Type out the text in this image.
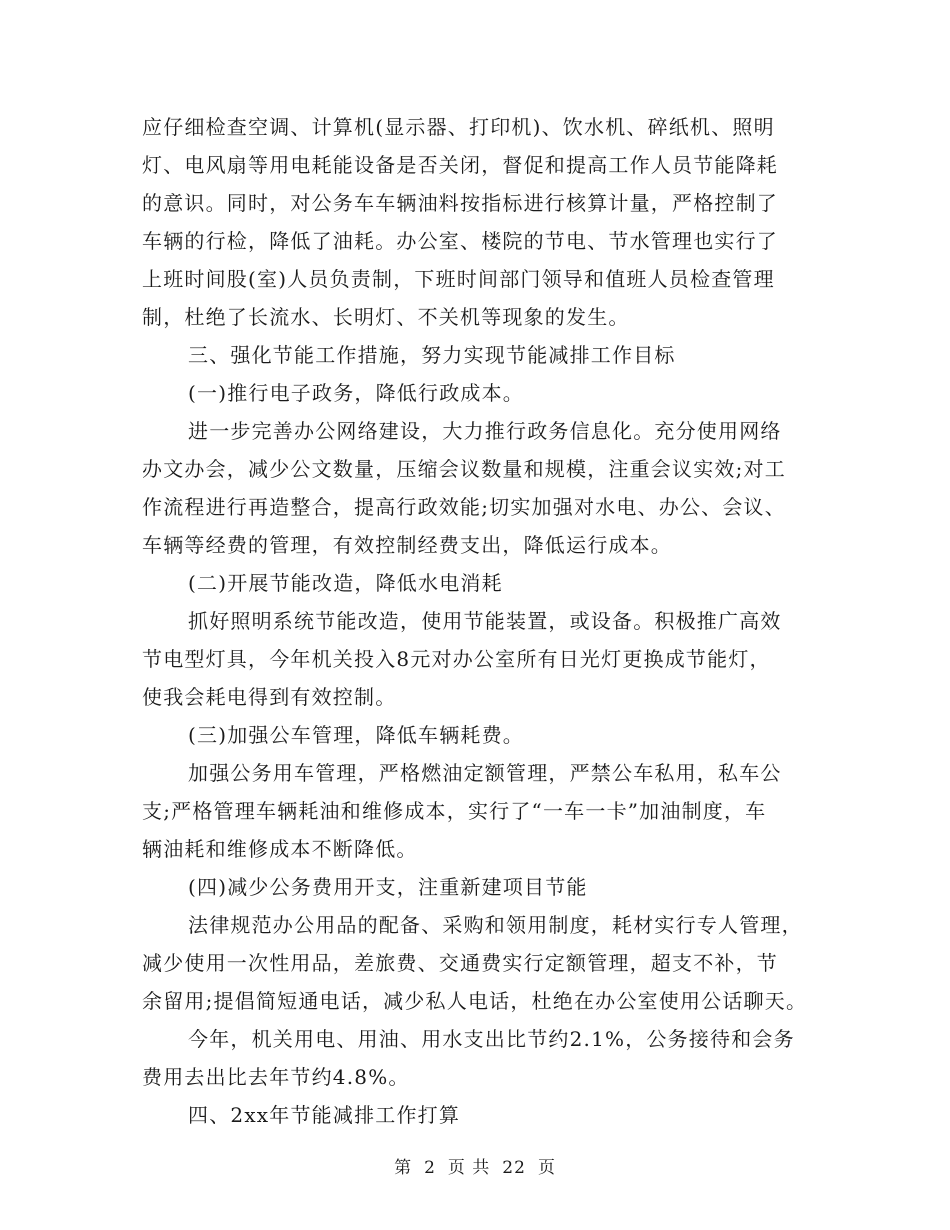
应仔细检查空调、计算机(显示器、打印机)、饮水机、碎纸机、照明
灯、电风扇等用电耗能设备是否关闭，督促和提高工作人员节能降耗
的意识。同时，对公务车车辆油料按指标进行核算计量，严格控制了
车辆的行检，降低了油耗。办公室、楼院的节电、节水管理也实行了
上班时间股(室)人员负责制，下班时间部门领导和值班人员检查管理
制，杜绝了长流水、长明灯、不关机等现象的发生。
三、强化节能工作措施，努力实现节能减排工作目标
(一)推行电子政务，降低行政成本。
进一步完善办公网络建设，大力推行政务信息化。充分使用网络
办文办会，减少公文数量，压缩会议数量和规模，注重会议实效;对工
作流程进行再造整合，提高行政效能;切实加强对水电、办公、会议、
车辆等经费的管理，有效控制经费支出，降低运行成本。
(二)开展节能改造，降低水电消耗
抓好照明系统节能改造，使用节能装置，或设备。积极推广高效
节电型灯具，今年机关投入8元对办公室所有日光灯更换成节能灯，
使我会耗电得到有效控制。
(三)加强公车管理，降低车辆耗费。
加强公务用车管理，严格燃油定额管理，严禁公车私用，私车公
支;严格管理车辆耗油和维修成本，实行了“一车一卡”加油制度，车
辆油耗和维修成本不断降低。
(四)减少公务费用开支，注重新建项目节能
法律规范办公用品的配备、采购和领用制度，耗材实行专人管理，
减少使用一次性用品，差旅费、交通费实行定额管理，超支不补，节
余留用;提倡简短通电话，减少私人电话，杜绝在办公室使用公话聊天。
今年，机关用电、用油、用水支出比节约2.1%，公务接待和会务
费用去出比去年节约4.8%。
四、2xx年节能减排工作打算
第 2 页 共 22 页
